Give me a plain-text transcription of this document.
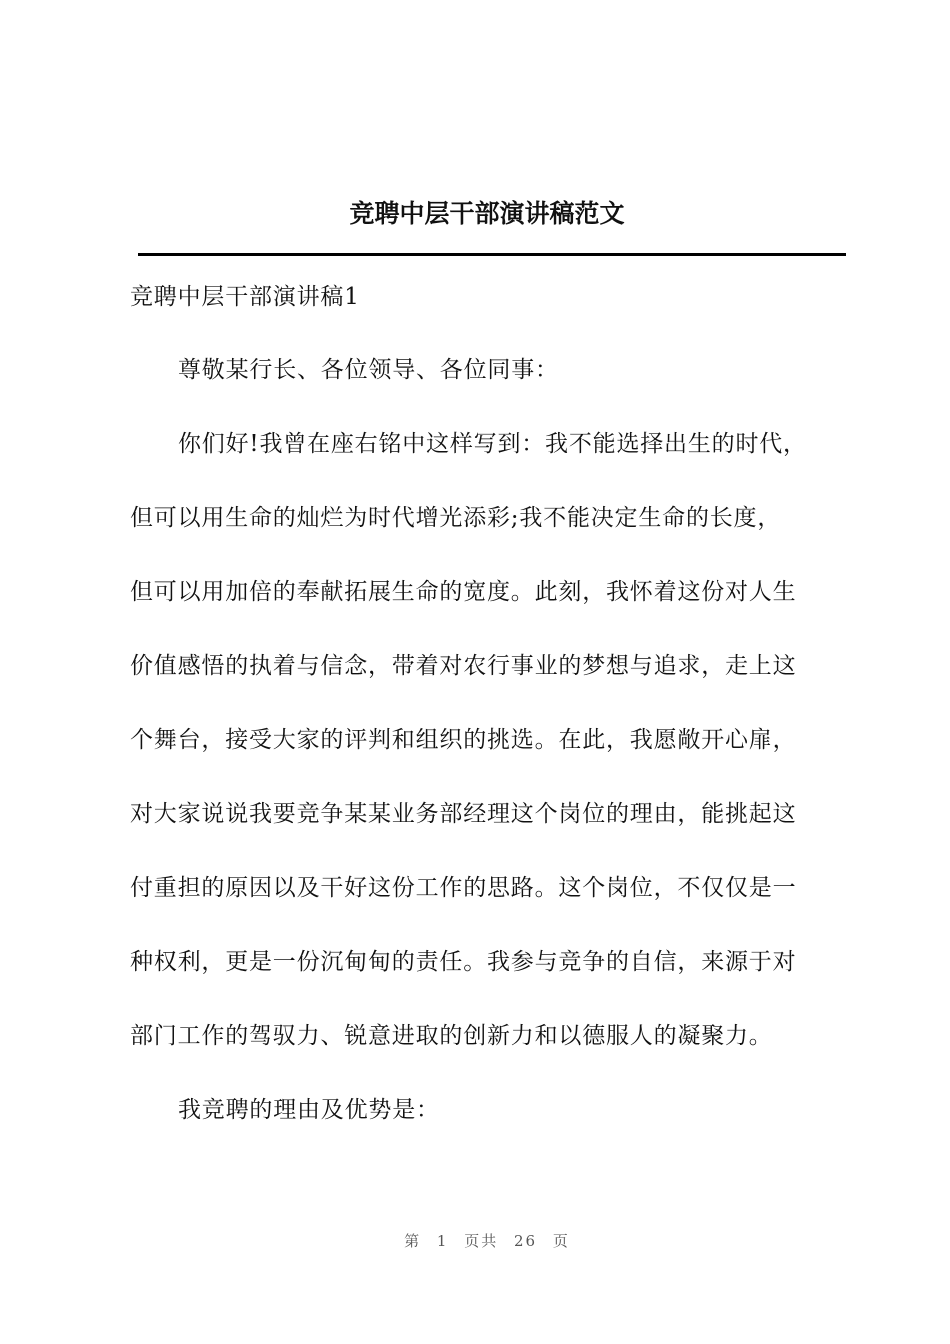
竞聘中层干部演讲稿范文
竞聘中层干部演讲稿1
尊敬某行长、各位领导、各位同事：
你们好!我曾在座右铭中这样写到：我不能选择出生的时代，
但可以用生命的灿烂为时代增光添彩;我不能决定生命的长度，
但可以用加倍的奉献拓展生命的宽度。此刻，我怀着这份对人生
价值感悟的执着与信念，带着对农行事业的梦想与追求，走上这
个舞台，接受大家的评判和组织的挑选。在此，我愿敞开心扉，
对大家说说我要竞争某某业务部经理这个岗位的理由，能挑起这
付重担的原因以及干好这份工作的思路。这个岗位，不仅仅是一
种权利，更是一份沉甸甸的责任。我参与竞争的自信，来源于对
部门工作的驾驭力、锐意进取的创新力和以德服人的凝聚力。
我竞聘的理由及优势是：
第 1 页共 26 页
